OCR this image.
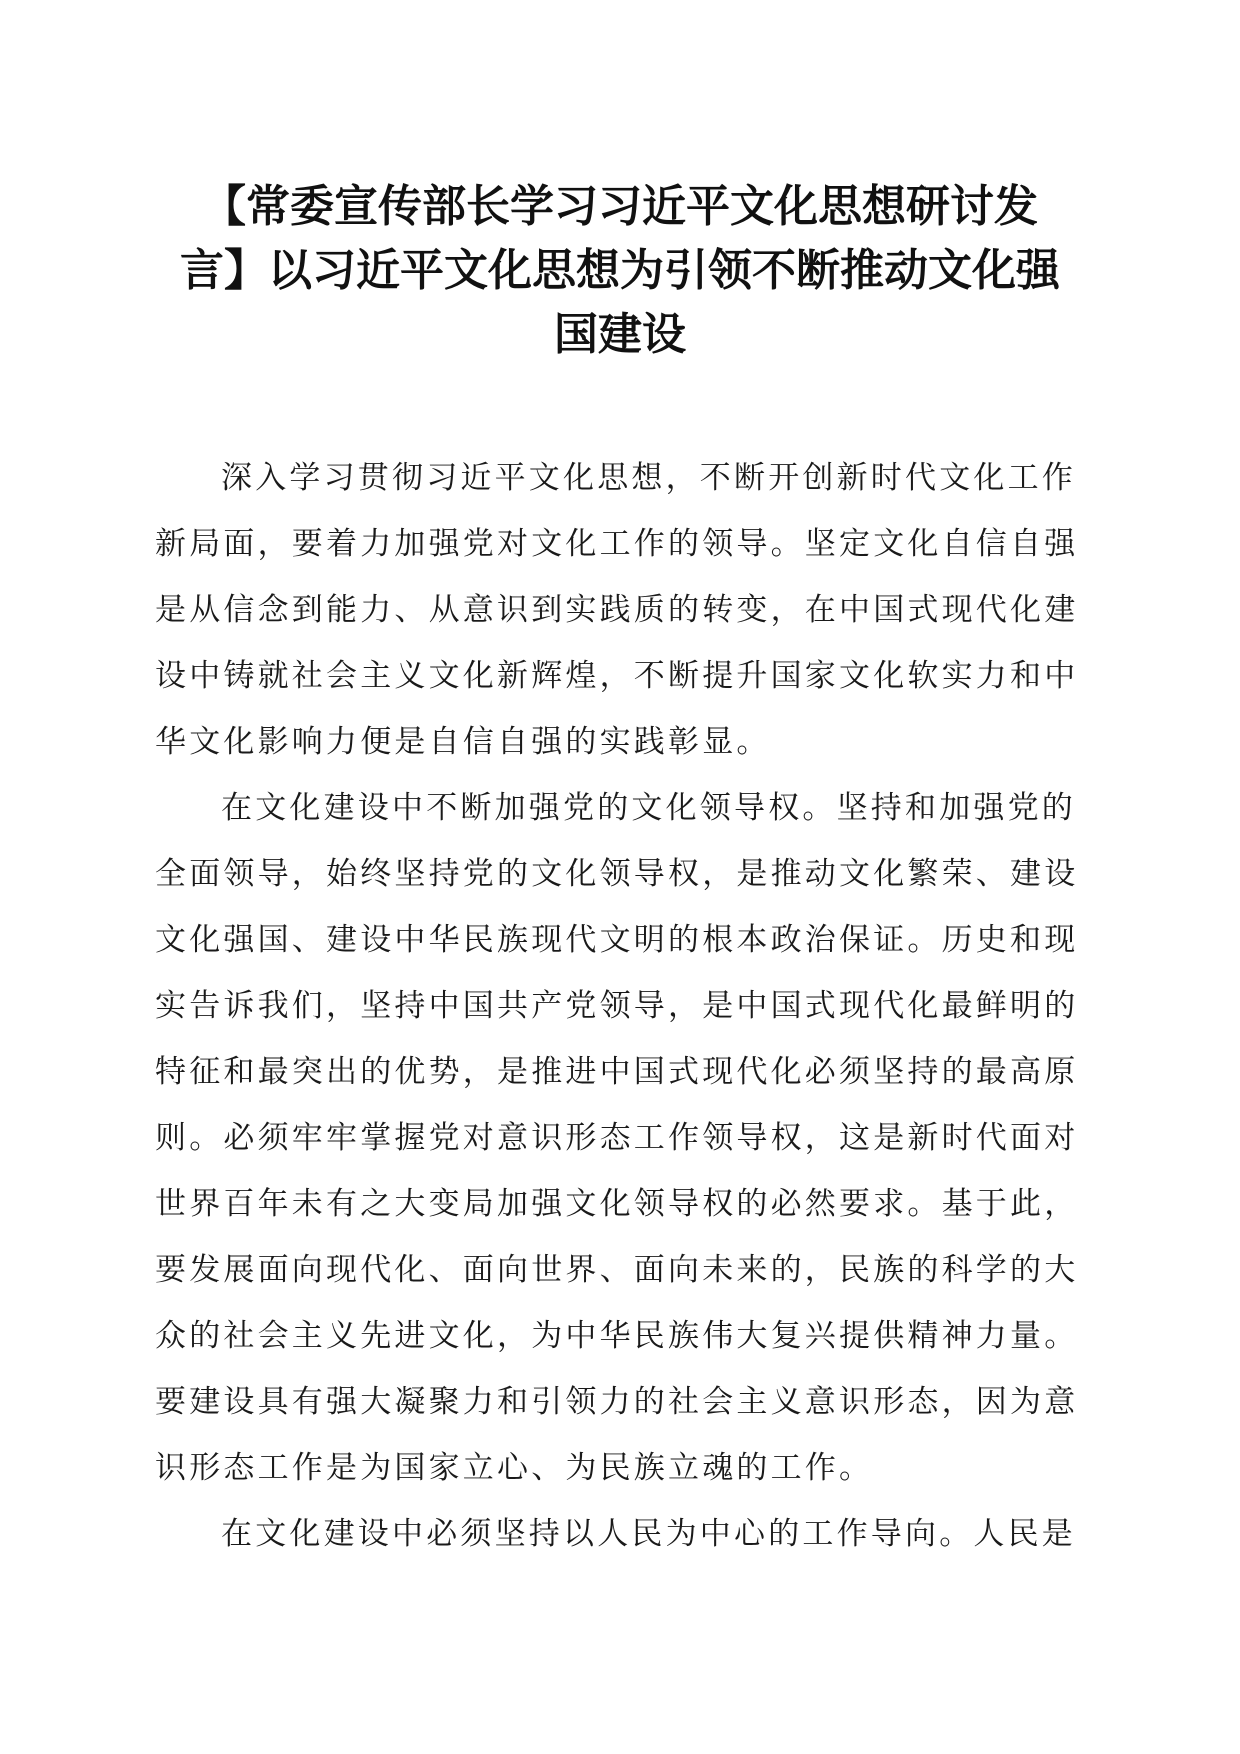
【常委宣传部长学习习近平文化思想研讨发
言】以习近平文化思想为引领不断推动文化强
国建设
深入学习贯彻习近平文化思想，不断开创新时代文化工作
新局面，要着力加强党对文化工作的领导。坚定文化自信自强
是从信念到能力、从意识到实践质的转变，在中国式现代化建
设中铸就社会主义文化新辉煌，不断提升国家文化软实力和中
华文化影响力便是自信自强的实践彰显。
在文化建设中不断加强党的文化领导权。坚持和加强党的
全面领导，始终坚持党的文化领导权，是推动文化繁荣、建设
文化强国、建设中华民族现代文明的根本政治保证。历史和现
实告诉我们，坚持中国共产党领导，是中国式现代化最鲜明的
特征和最突出的优势，是推进中国式现代化必须坚持的最高原
则。必须牢牢掌握党对意识形态工作领导权，这是新时代面对
世界百年未有之大变局加强文化领导权的必然要求。基于此，
要发展面向现代化、面向世界、面向未来的，民族的科学的大
众的社会主义先进文化，为中华民族伟大复兴提供精神力量。
要建设具有强大凝聚力和引领力的社会主义意识形态，因为意
识形态工作是为国家立心、为民族立魂的工作。
在文化建设中必须坚持以人民为中心的工作导向。人民是
